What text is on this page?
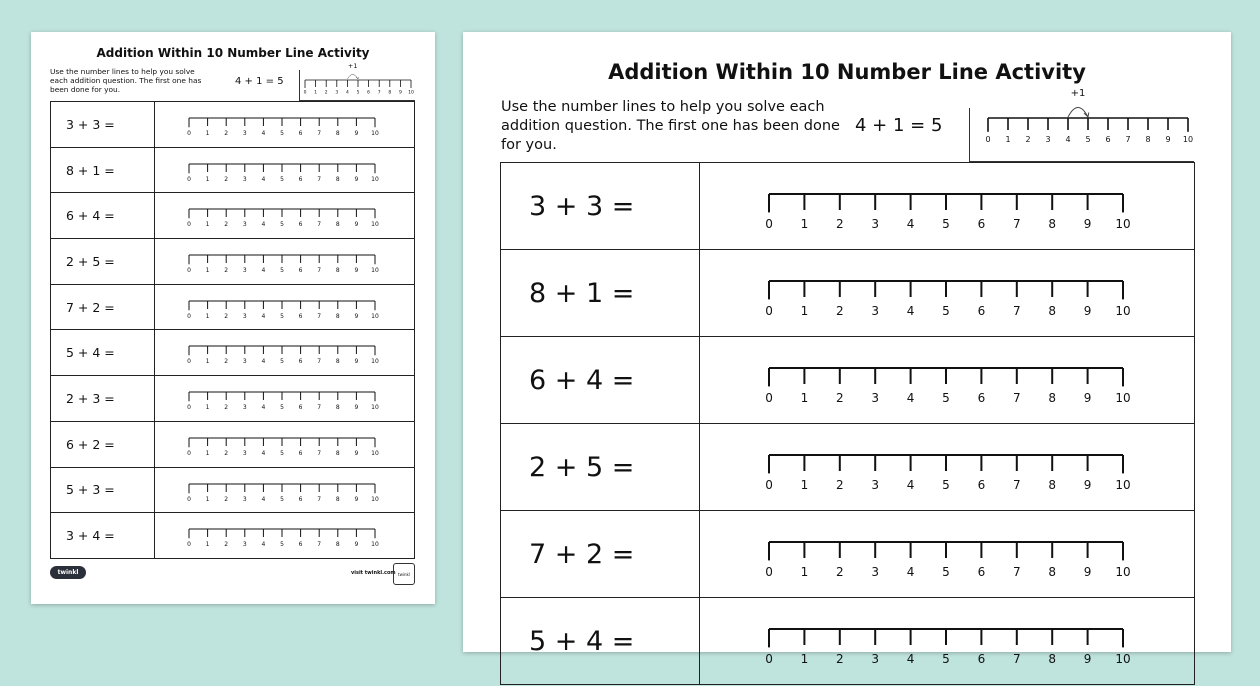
Addition Within 10 Number Line Activity
Use the number lines to help you solve each addition question. The first one has been done for you.
4 + 1 = 5
0 1 2 3 4 5 6 7 8 9 10
+1
3 + 3 =
0 1 2 3 4 5 6 7 8 9 10
8 + 1 =
0 1 2 3 4 5 6 7 8 9 10
6 + 4 =
0 1 2 3 4 5 6 7 8 9 10
2 + 5 =
0 1 2 3 4 5 6 7 8 9 10
7 + 2 =
0 1 2 3 4 5 6 7 8 9 10
5 + 4 =
0 1 2 3 4 5 6 7 8 9 10
2 + 3 =
0 1 2 3 4 5 6 7 8 9 10
6 + 2 =
0 1 2 3 4 5 6 7 8 9 10
5 + 3 =
0 1 2 3 4 5 6 7 8 9 10
3 + 4 =
0 1 2 3 4 5 6 7 8 9 10
twinkl	visit twinkl.com twinkl
Addition Within 10 Number Line Activity
Use the number lines to help you solve each addition question. The first one has been done for you.
4 + 1 = 5
0 1 2 3 4 5 6 7 8 9 10
+1
3 + 3 =
0 1 2 3 4 5 6 7 8 9 10
8 + 1 =
0 1 2 3 4 5 6 7 8 9 10
6 + 4 =
0 1 2 3 4 5 6 7 8 9 10
2 + 5 =
0 1 2 3 4 5 6 7 8 9 10
7 + 2 =
0 1 2 3 4 5 6 7 8 9 10
5 + 4 =
0 1 2 3 4 5 6 7 8 9 10
